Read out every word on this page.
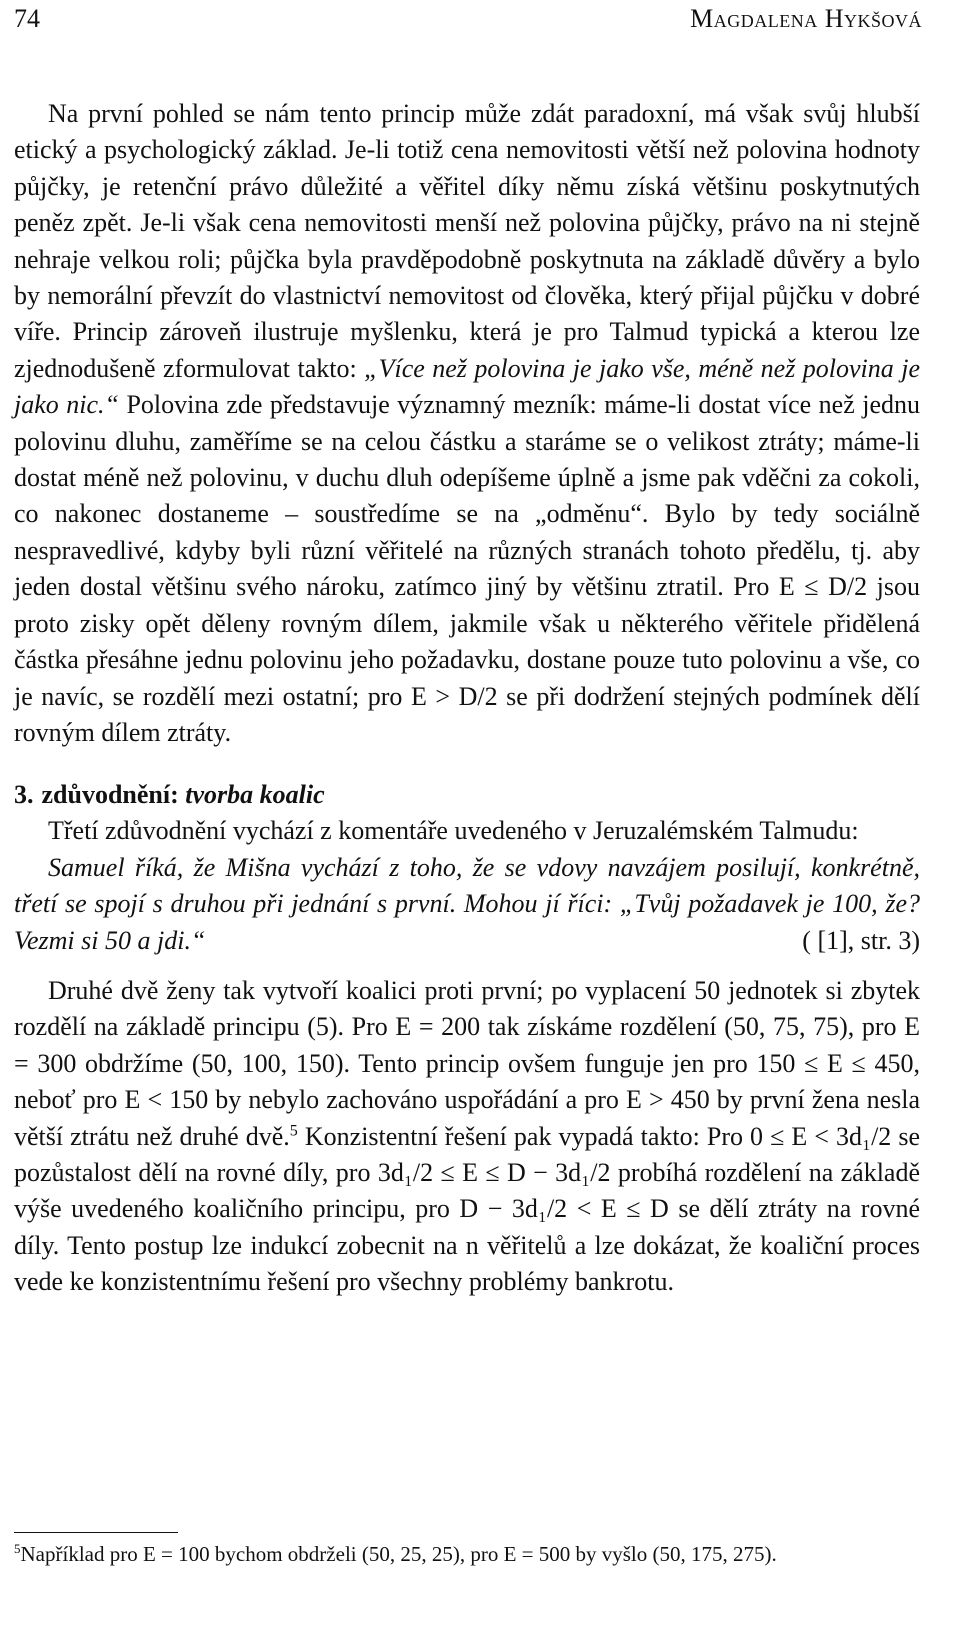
74	Magdalena Hykšová

Na první pohled se nám tento princip může zdát paradoxní, má však svůj hlubší etický a psychologický základ. Je-li totiž cena nemovitosti větší než polovina hodnoty půjčky, je retenční právo důležité a věřitel díky němu získá většinu poskytnutých peněz zpět. Je-li však cena nemovitosti menší než polovina půjčky, právo na ni stejně nehraje velkou roli; půjčka byla pravděpodobně poskytnuta na základě důvěry a bylo by nemorální převzít do vlastnictví nemovitost od člověka, který přijal půjčku v dobré víře. Princip zároveň ilustruje myšlenku, která je pro Talmud typická a kterou lze zjednodušeně zformulovat takto: „Více než polovina je jako vše, méně než polovina je jako nic.“ Polovina zde představuje významný mezník: máme-li dostat více než jednu polovinu dluhu, zaměříme se na celou částku a staráme se o velikost ztráty; máme-li dostat méně než polovinu, v duchu dluh odepíšeme úplně a jsme pak vděčni za cokoli, co nakonec dostaneme – soustředíme se na „odměnu“. Bylo by tedy sociálně nespravedlivé, kdyby byli různí věřitelé na různých stranách tohoto předělu, tj. aby jeden dostal většinu svého nároku, zatímco jiný by většinu ztratil. Pro E ≤ D/2 jsou proto zisky opět děleny rovným dílem, jakmile však u některého věřitele přidělená částka přesáhne jednu polovinu jeho požadavku, dostane pouze tuto polovinu a vše, co je navíc, se rozdělí mezi ostatní; pro E > D/2 se při dodržení stejných podmínek dělí rovným dílem ztráty.

3. zdůvodnění: tvorba koalic

Třetí zdůvodnění vychází z komentáře uvedeného v Jeruzalémském Talmudu:

Samuel říká, že Mišna vychází z toho, že se vdovy navzájem posilují, konkrétně, třetí se spojí s druhou při jednání s první. Mohou jí říci: „Tvůj požadavek je 100, že? Vezmi si 50 a jdi.“	( [1], str. 3)

Druhé dvě ženy tak vytvoří koalici proti první; po vyplacení 50 jednotek si zbytek rozdělí na základě principu (5). Pro E = 200 tak získáme rozdělení (50, 75, 75), pro E = 300 obdržíme (50, 100, 150). Tento princip ovšem funguje jen pro 150 ≤ E ≤ 450, neboť pro E < 150 by nebylo zachováno uspořádání a pro E > 450 by první žena nesla větší ztrátu než druhé dvě.$^5$ Konzistentní řešení pak vypadá takto: Pro 0 ≤ E < 3d₁/2 se pozůstalost dělí na rovné díly, pro 3d₁/2 ≤ E ≤ D − 3d₁/2 probíhá rozdělení na základě výše uvedeného koaličního principu, pro D − 3d₁/2 < E ≤ D se dělí ztráty na rovné díly. Tento postup lze indukcí zobecnit na n věřitelů a lze dokázat, že koaliční proces vede ke konzistentnímu řešení pro všechny problémy bankrotu.

$^5$Například pro E = 100 bychom obdrželi (50, 25, 25), pro E = 500 by vyšlo (50, 175, 275).
